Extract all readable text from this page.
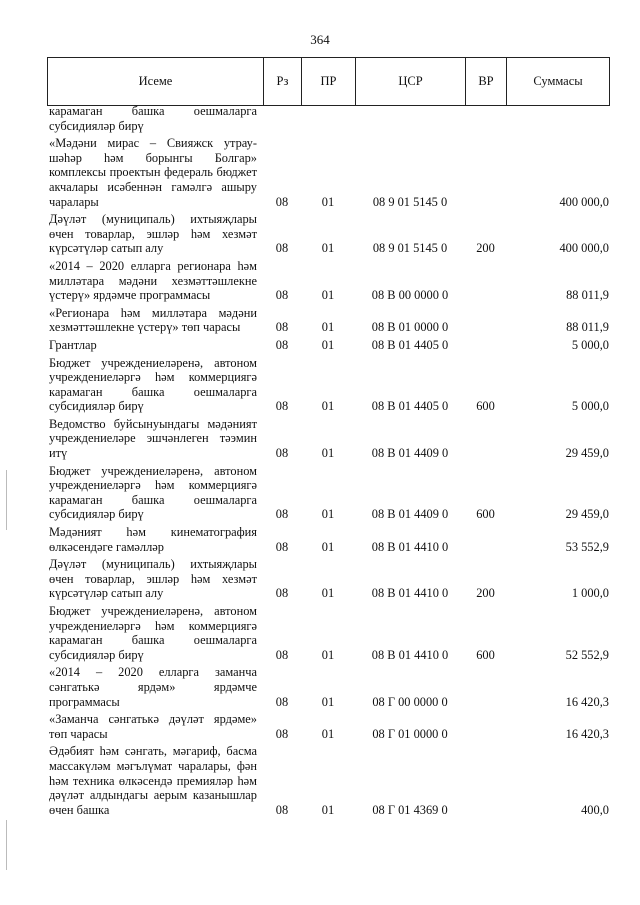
364
Исеме	Рз	ПР	ЦСР	ВР	Суммасы
карамаган башка оешмаларга субсидияләр бирү					
«Мәдәни мирас – Свияжск утрау-шәһәр һәм борынгы Болгар» комплексы проектын федераль бюджет акчалары исәбеннән гамәлгә ашыру чаралары	08	01	08 9 01 5145 0		400 000,0
Дәүләт (муниципаль) ихтыяҗлары өчен товарлар, эшләр һәм хезмәт күрсәтүләр сатып алу	08	01	08 9 01 5145 0	200	400 000,0
«2014 – 2020 елларга регионара һәм милләтара мәдәни хезмәттәшлекне үстерү» ярдәмче программасы	08	01	08 В 00 0000 0		88 011,9
«Регионара һәм милләтара мәдәни хезмәттәшлекне үстерү» төп чарасы	08	01	08 В 01 0000 0		88 011,9
Грантлар	08	01	08 В 01 4405 0		5 000,0
Бюджет учреждениеләренә, автоном учреждениеләргә һәм коммерциягә карамаган башка оешмаларга субсидияләр бирү	08	01	08 В 01 4405 0	600	5 000,0
Ведомство буйсынуындагы мәдәният учреждениеләре эшчәнлеген тәэмин итү	08	01	08 В 01 4409 0		29 459,0
Бюджет учреждениеләренә, автоном учреждениеләргә һәм коммерциягә карамаган башка оешмаларга субсидияләр бирү	08	01	08 В 01 4409 0	600	29 459,0
Мәдәният һәм кинематография өлкәсендәге гамәлләр	08	01	08 В 01 4410 0		53 552,9
Дәүләт (муниципаль) ихтыяҗлары өчен товарлар, эшләр һәм хезмәт күрсәтүләр сатып алу	08	01	08 В 01 4410 0	200	1 000,0
Бюджет учреждениеләренә, автоном учреждениеләргә һәм коммерциягә карамаган башка оешмаларга субсидияләр бирү	08	01	08 В 01 4410 0	600	52 552,9
«2014 – 2020 елларга заманча сәнгатькә ярдәм» ярдәмче программасы	08	01	08 Г 00 0000 0		16 420,3
«Заманча сәнгатькә дәүләт ярдәме» төп чарасы	08	01	08 Г 01 0000 0		16 420,3
Әдәбият һәм сәнгать, мәгариф, басма массакүләм мәгълүмат чаралары, фән һәм техника өлкәсендә премияләр һәм дәүләт алдындагы аерым казанышлар өчен башка	08	01	08 Г 01 4369 0		400,0
